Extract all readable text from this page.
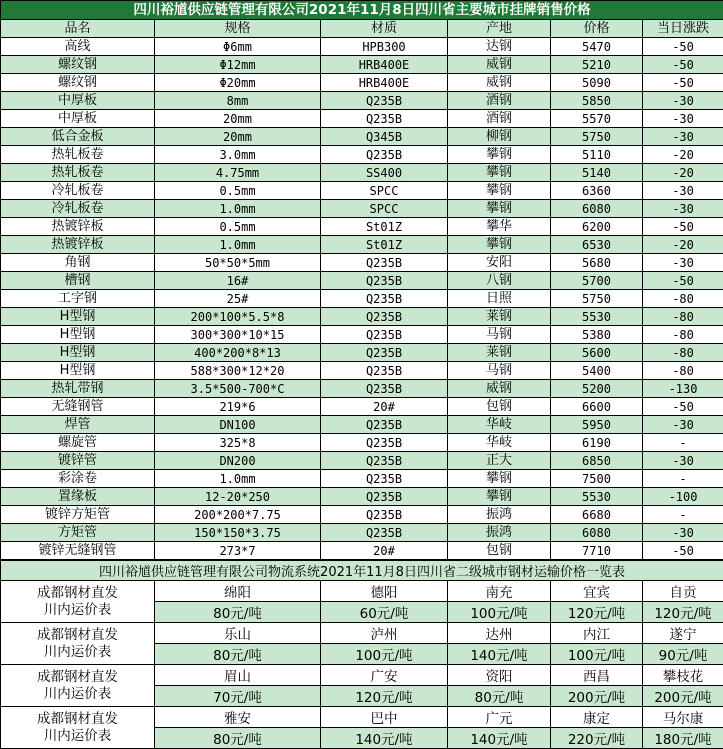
四川裕馗供应链管理有限公司2021年11月8日四川省主要城市挂牌销售价格					
品名	规格	材质	产地	价格	当日涨跌
高线	Φ6mm	HPB300	达钢	5470	-50
螺纹钢	Φ12mm	HRB400E	威钢	5210	-50
螺纹钢	Φ20mm	HRB400E	威钢	5090	-50
中厚板	8mm	Q235B	酒钢	5850	-30
中厚板	20mm	Q235B	酒钢	5570	-30
低合金板	20mm	Q345B	柳钢	5750	-30
热轧板卷	3.0mm	Q235B	攀钢	5110	-20
热轧板卷	4.75mm	SS400	攀钢	5140	-20
冷轧板卷	0.5mm	SPCC	攀钢	6360	-30
冷轧板卷	1.0mm	SPCC	攀钢	6080	-30
热镀锌板	0.5mm	St01Z	攀华	6200	-50
热镀锌板	1.0mm	St01Z	攀钢	6530	-20
角钢	50*50*5mm	Q235B	安阳	5680	-30
槽钢	16#	Q235B	八钢	5700	-50
工字钢	25#	Q235B	日照	5750	-80
H型钢	200*100*5.5*8	Q235B	莱钢	5530	-80
H型钢	300*300*10*15	Q235B	马钢	5380	-80
H型钢	400*200*8*13	Q235B	莱钢	5600	-80
H型钢	588*300*12*20	Q235B	马钢	5400	-80
热轧带钢	3.5*500-700*C	Q235B	威钢	5200	-130
无缝钢管	219*6	20#	包钢	6600	-50
焊管	DN100	Q235B	华岐	5950	-30
螺旋管	325*8	Q235B	华岐	6190	-
镀锌管	DN200	Q235B	正大	6850	-30
彩涂卷	1.0mm	Q235B	攀钢	7500	-
置缘板	12-20*250	Q235B	攀钢	5530	-100
镀锌方矩管	200*200*7.75	Q235B	振鸿	6680	-
方矩管	150*150*3.75	Q235B	振鸿	6080	-30
镀锌无缝钢管	273*7	20#	包钢	7710	-50
四川裕馗供应链管理有限公司物流系统2021年11月8日四川省二级城市钢材运输价格一览表					

成都钢材直发
川内运价表	绵阳	德阳	南充	宜宾	自贡
	80元/吨	60元/吨	100元/吨	120元/吨	120元/吨

成都钢材直发
川内运价表	乐山	泸州	达州	内江	遂宁
	80元/吨	100元/吨	140元/吨	100元/吨	90元/吨

成都钢材直发
川内运价表	眉山	广安	资阳	西昌	攀枝花
	70元/吨	120元/吨	80元/吨	200元/吨	200元/吨

成都钢材直发
川内运价表	雅安	巴中	广元	康定	马尔康
	80元/吨	140元/吨	140元/吨	220元/吨	180元/吨
